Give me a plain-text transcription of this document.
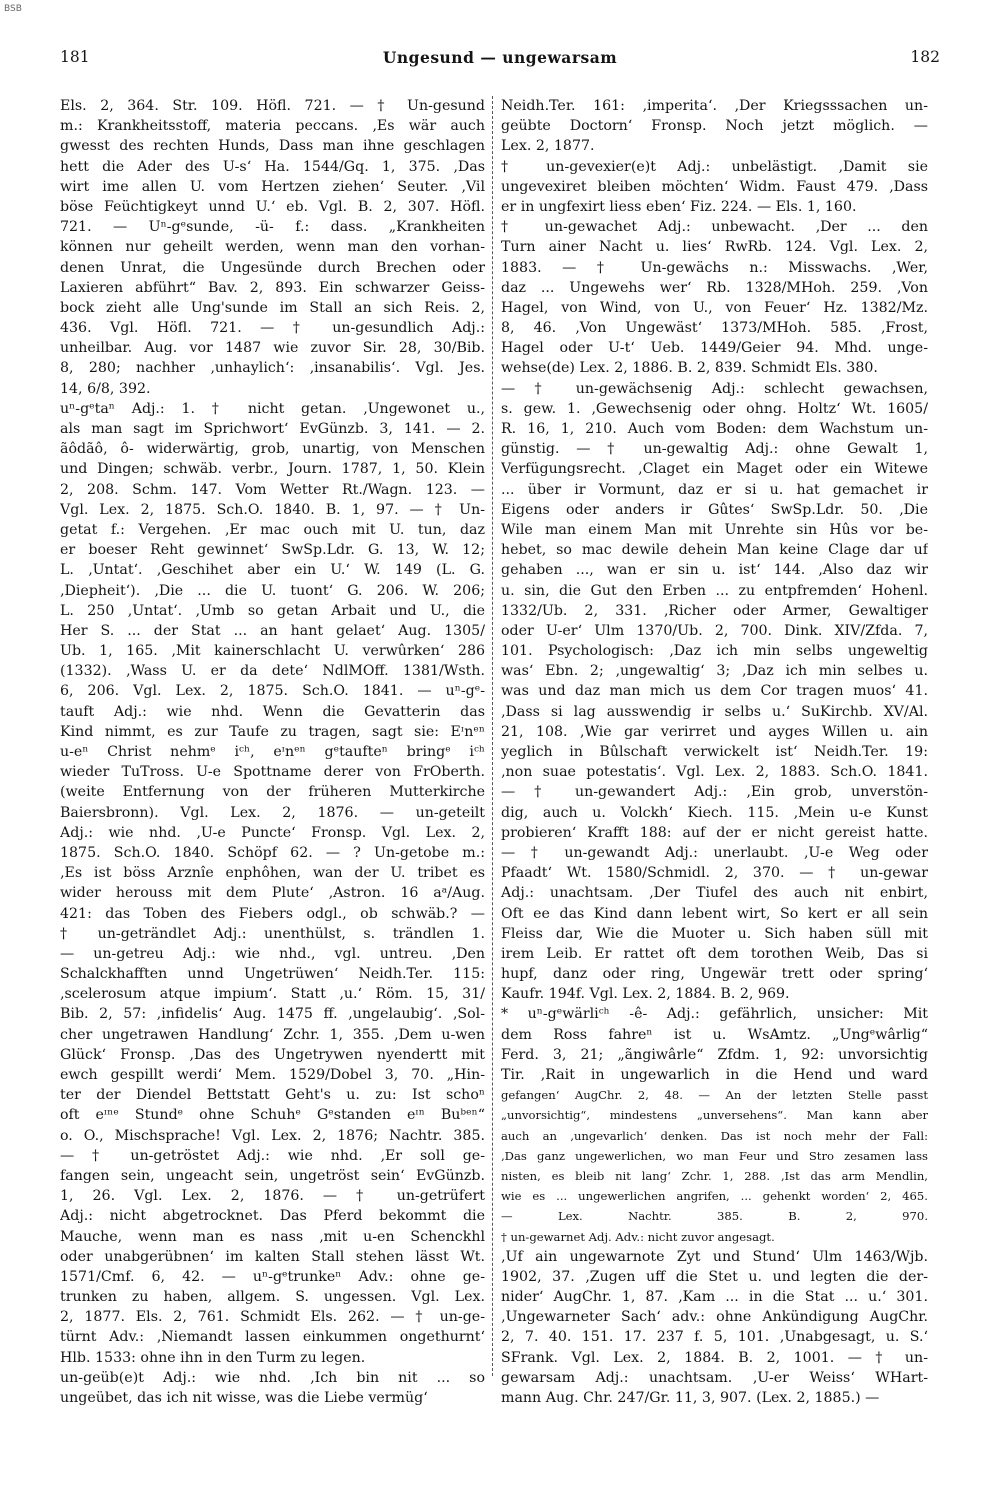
BSB
181	Ungesund — ungewarsam	182
Els. 2, 364. Str. 109. Höfl. 721. — † Un-gesund
m.: Krankheitsstoff, materia peccans. ‚Es wär auch
gwesst des rechten Hunds, Dass man ihne geschlagen
hett die Ader des U-s‘ Ha. 1544/Gq. 1, 375. ‚Das
wirt ime allen U. vom Hertzen ziehen‘ Seuter. ‚Vil
böse Feüchtigkeyt unnd U.‘ eb. Vgl. B. 2, 307. Höfl.
721. — Uⁿ-gᵉsunde, -ü- f.: dass. „Krankheiten
können nur geheilt werden, wenn man den vorhan-
denen Unrat, die Ungesünde durch Brechen oder
Laxieren abführt“ Bav. 2, 893. Ein schwarzer Geiss-
bock zieht alle Ung'sunde im Stall an sich Reis. 2,
436. Vgl. Höfl. 721. — † un-gesundlich Adj.:
unheilbar. Aug. vor 1487 wie zuvor Sir. 28, 30/Bib.
8, 280; nachher ‚unhaylich‘: ‚insanabilis‘. Vgl. Jes.
14, 6/8, 392.
uⁿ-gᵉtaⁿ Adj.: 1. † nicht getan. ‚Ungewonet u.,
als man sagt im Sprichwort‘ EvGünzb. 3, 141. — 2.
ãôdãô, ô- widerwärtig, grob, unartig, von Menschen
und Dingen; schwäb. verbr., Journ. 1787, 1, 50. Klein
2, 208. Schm. 147. Vom Wetter Rt./Wagn. 123. —
Vgl. Lex. 2, 1875. Sch.O. 1840. B. 1, 97. — † Un-
getat f.: Vergehen. ‚Er mac ouch mit U. tun, daz
er boeser Reht gewinnet‘ SwSp.Ldr. G. 13, W. 12;
L. ‚Untat‘. ‚Geschihet aber ein U.‘ W. 149 (L. G.
‚Diepheit‘). ‚Die ... die U. tuont‘ G. 206. W. 206;
L. 250 ‚Untat‘. ‚Umb so getan Arbait und U., die
Her S. ... der Stat ... an hant gelaet‘ Aug. 1305/
Ub. 1, 165. ‚Mit kainerschlacht U. verwûrken‘ 286
(1332). ‚Wass U. er da dete‘ NdlMOff. 1381/Wsth.
6, 206. Vgl. Lex. 2, 1875. Sch.O. 1841. — uⁿ-gᵉ-
tauft Adj.: wie nhd. Wenn die Gevatterin das
Kind nimmt, es zur Taufe zu tragen, sagt sie: Eᶦnᵉⁿ
u-eⁿ Christ nehmᵉ iᶜʰ, eᶦnᵉⁿ gᵉtaufteⁿ bringᵉ iᶜʰ
wieder TuTross. U-e Spottname derer von FrOberth.
(weite Entfernung von der früheren Mutterkirche
Baiersbronn). Vgl. Lex. 2, 1876. — un-geteilt
Adj.: wie nhd. ‚U-e Puncte‘ Fronsp. Vgl. Lex. 2,
1875. Sch.O. 1840. Schöpf 62. — ? Un-getobe m.:
‚Es ist böss Arznîe enphôhen, wan der U. tribet es
wider herouss mit dem Plute‘ ‚Astron. 16 aᵃ/Aug.
421: das Toben des Fiebers odgl., ob schwäb.? —
† un-geträndlet Adj.: unenthülst, s. trändlen 1.
— un-getreu Adj.: wie nhd., vgl. untreu. ‚Den
Schalckhafften unnd Ungetrüwen‘ Neidh.Ter. 115:
‚scelerosum atque impium‘. Statt ‚u.‘ Röm. 15, 31/
Bib. 2, 57: ‚infidelis‘ Aug. 1475 ff. ‚ungelaubig‘. ‚Sol-
cher ungetrawen Handlung‘ Zchr. 1, 355. ‚Dem u-wen
Glück‘ Fronsp. ‚Das des Ungetrywen nyendertt mit
ewch gespillt werdi‘ Mem. 1529/Dobel 3, 70. „Hin-
ter der Diendel Bettstatt Geht's u. zu: Ist schoⁿ
oft eᶦⁿᵉ Stundᵉ ohne Schuhᵉ Gᵉstanden eᶦⁿ Buᵇᵉⁿ“
o. O., Mischsprache! Vgl. Lex. 2, 1876; Nachtr. 385.
— † un-getröstet Adj.: wie nhd. ‚Er soll ge-
fangen sein, ungeacht sein, ungetröst sein‘ EvGünzb.
1, 26. Vgl. Lex. 2, 1876. — † un-getrüfert
Adj.: nicht abgetrocknet. Das Pferd bekommt die
Mauche, wenn man es nass ‚mit u-en Schenckhl
oder unabgerübnen‘ im kalten Stall stehen lässt Wt.
1571/Cmf. 6, 42. — uⁿ-gᵉtrunkeⁿ Adv.: ohne ge-
trunken zu haben, allgem. S. ungessen. Vgl. Lex.
2, 1877. Els. 2, 761. Schmidt Els. 262. — † un-ge-
türnt Adv.: ‚Niemandt lassen einkummen ongethurnt‘
Hlb. 1533: ohne ihn in den Turm zu legen.
un-geüb(e)t Adj.: wie nhd. ‚Ich bin nit ... so
ungeübet, das ich nit wisse, was die Liebe vermüg‘
Neidh.Ter. 161: ‚imperita‘. ‚Der Kriegsssachen un-
geübte Doctorn‘ Fronsp. Noch jetzt möglich. —
Lex. 2, 1877.
† un-gevexier(e)t Adj.: unbelästigt. ‚Damit sie
ungevexiret bleiben möchten‘ Widm. Faust 479. ‚Dass
er in ungfexirt liess eben‘ Fiz. 224. — Els. 1, 160.
† un-gewachet Adj.: unbewacht. ‚Der ... den
Turn ainer Nacht u. lies‘ RwRb. 124. Vgl. Lex. 2,
1883. — † Un-gewächs n.: Misswachs. ‚Wer,
daz ... Ungewehs wer‘ Rb. 1328/MHoh. 259. ‚Von
Hagel, von Wind, von U., von Feuer‘ Hz. 1382/Mz.
8, 46. ‚Von Ungewäst‘ 1373/MHoh. 585. ‚Frost,
Hagel oder U-t‘ Ueb. 1449/Geier 94. Mhd. unge-
wehse(de) Lex. 2, 1886. B. 2, 839. Schmidt Els. 380.
— † un-gewächsenig Adj.: schlecht gewachsen,
s. gew. 1. ‚Gewechsenig oder ohng. Holtz‘ Wt. 1605/
R. 16, 1, 210. Auch vom Boden: dem Wachstum un-
günstig. — † un-gewaltig Adj.: ohne Gewalt 1,
Verfügungsrecht. ‚Claget ein Maget oder ein Witewe
... über ir Vormunt, daz er si u. hat gemachet ir
Eigens oder anders ir Gûtes‘ SwSp.Ldr. 50. ‚Die
Wile man einem Man mit Unrehte sin Hûs vor be-
hebet, so mac dewile dehein Man keine Clage dar uf
gehaben ..., wan er sin u. ist‘ 144. ‚Also daz wir
u. sin, die Gut den Erben ... zu entpfremden‘ Hohenl.
1332/Ub. 2, 331. ‚Richer oder Armer, Gewaltiger
oder U-er‘ Ulm 1370/Ub. 2, 700. Dink. XIV/Zfda. 7,
101. Psychologisch: ‚Daz ich min selbs ungeweltig
was‘ Ebn. 2; ‚ungewaltig‘ 3; ‚Daz ich min selbes u.
was und daz man mich us dem Cor tragen muos‘ 41.
‚Dass si lag ausswendig ir selbs u.‘ SuKirchb. XV/Al.
21, 108. ‚Wie gar verirret und ayges Willen u. ain
yeglich in Bûlschaft verwickelt ist‘ Neidh.Ter. 19:
‚non suae potestatis‘. Vgl. Lex. 2, 1883. Sch.O. 1841.
— † un-gewandert Adj.: ‚Ein grob, unverstön-
dig, auch u. Volckh‘ Kiech. 115. ‚Mein u-e Kunst
probieren‘ Krafft 188: auf der er nicht gereist hatte.
— † un-gewandt Adj.: unerlaubt. ‚U-e Weg oder
Pfaadt‘ Wt. 1580/Schmidl. 2, 370. — † un-gewar
Adj.: unachtsam. ‚Der Tiufel des auch nit enbirt,
Oft ee das Kind dann lebent wirt, So kert er all sein
Fleiss dar, Wie die Muoter u. Sich haben süll mit
irem Leib. Er rattet oft dem torothen Weib, Das si
hupf, danz oder ring, Ungewär trett oder spring‘
Kaufr. 194f. Vgl. Lex. 2, 1884. B. 2, 969.
* uⁿ-gᵉwärliᶜʰ -ê- Adj.: gefährlich, unsicher: Mit
dem Ross fahreⁿ ist u. WsAmtz. „Ungᵉwârlig“
Ferd. 3, 21; „ãngiwârle“ Zfdm. 1, 92: unvorsichtig
Tir. ‚Rait in ungewarlich in die Hend und ward
gefangen‘ AugChr. 2, 48. — An der letzten Stelle passt
„unvorsichtig“, mindestens „unversehens“. Man kann aber
auch an ‚ungevarlich‘ denken. Das ist noch mehr der Fall:
‚Das ganz ungewerlichen, wo man Feur und Stro zesamen lass
nisten, es bleib nit lang‘ Zchr. 1, 288. ‚Ist das arm Mendlin,
wie es ... ungewerlichen angrifen, ... gehenkt worden‘ 2, 465.
— Lex. Nachtr. 385. B. 2, 970.
† un-gewarnet Adj. Adv.: nicht zuvor angesagt.
‚Uf ain ungewarnote Zyt und Stund‘ Ulm 1463/Wjb.
1902, 37. ‚Zugen uff die Stet u. und legten die der-
nider‘ AugChr. 1, 87. ‚Kam ... in die Stat ... u.‘ 301.
‚Ungewarneter Sach‘ adv.: ohne Ankündigung AugChr.
2, 7. 40. 151. 17. 237 f. 5, 101. ‚Unabgesagt, u. S.‘
SFrank. Vgl. Lex. 2, 1884. B. 2, 1001. — † un-
gewarsam Adj.: unachtsam. ‚U-er Weiss‘ WHart-
mann Aug. Chr. 247/Gr. 11, 3, 907. (Lex. 2, 1885.) —
